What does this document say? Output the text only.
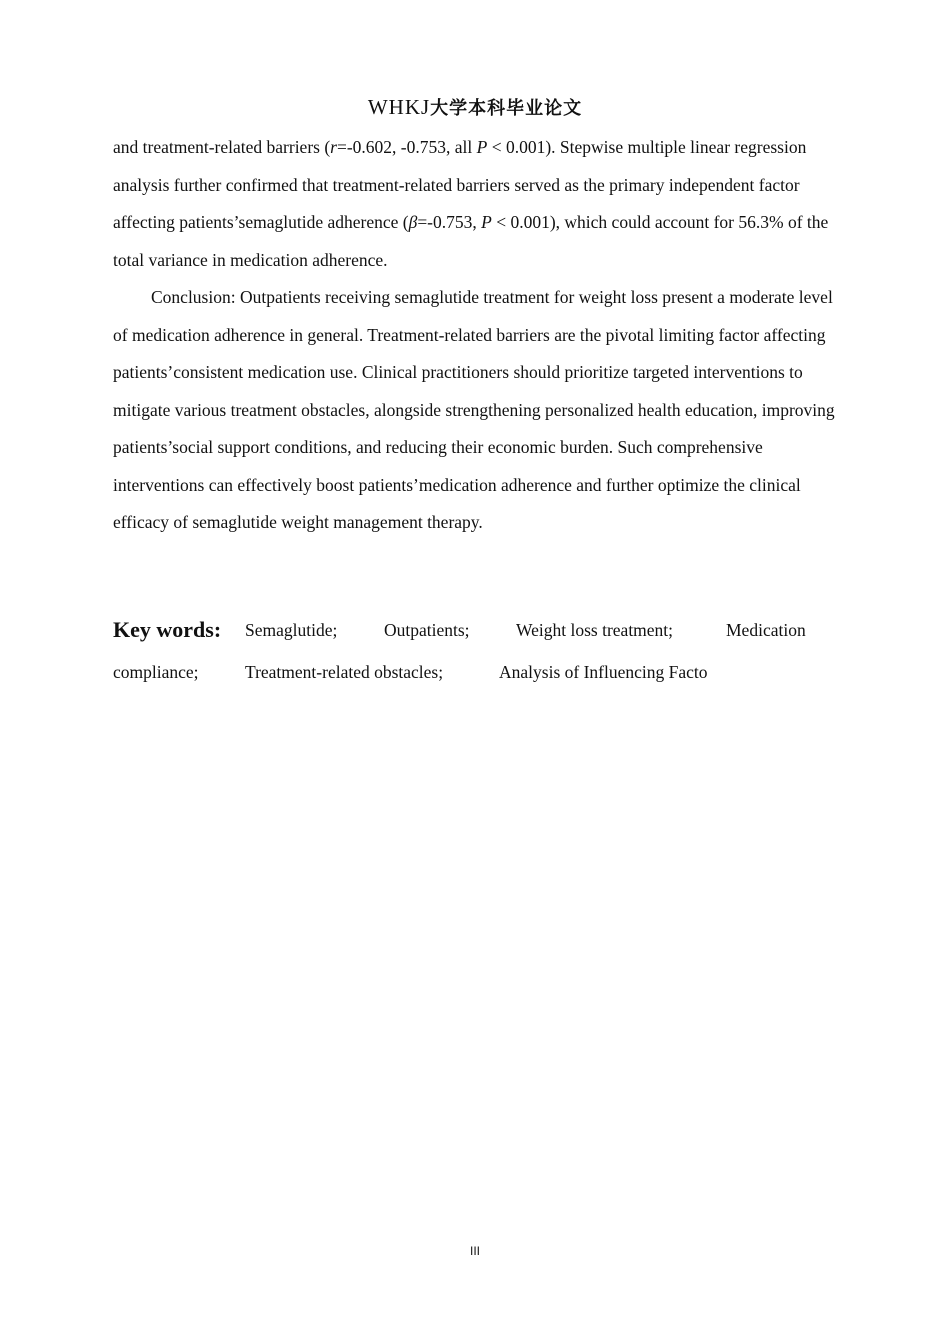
WHKJ大学本科毕业论文

and treatment-related barriers (r=-0.602, -0.753, all P < 0.001). Stepwise multiple linear regression analysis further confirmed that treatment-related barriers served as the primary independent factor affecting patients’semaglutide adherence (β=-0.753, P < 0.001), which could account for 56.3% of the total variance in medication adherence.

Conclusion: Outpatients receiving semaglutide treatment for weight loss present a moderate level of medication adherence in general. Treatment-related barriers are the pivotal limiting factor affecting patients’consistent medication use. Clinical practitioners should prioritize targeted interventions to mitigate various treatment obstacles, alongside strengthening personalized health education, improving patients’social support conditions, and reducing their economic burden. Such comprehensive interventions can effectively boost patients’medication adherence and further optimize the clinical efficacy of semaglutide weight management therapy.

Key words: Semaglutide;	Outpatients;	Weight loss treatment;	Medication
compliance;	Treatment-related obstacles;	Analysis of Influencing Facto
III
